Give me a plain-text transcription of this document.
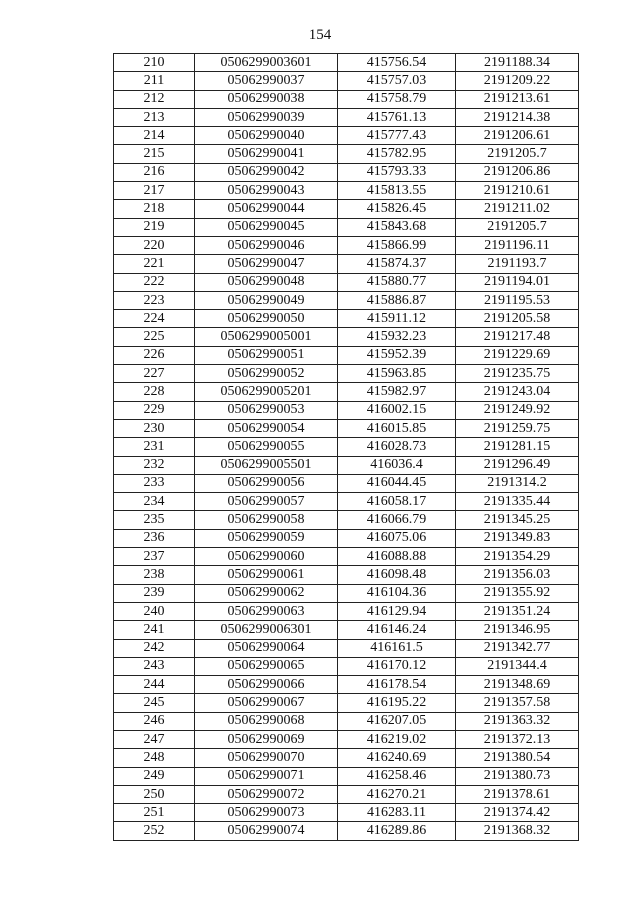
154
210	0506299003601	415756.54	2191188.34
211	05062990037	415757.03	2191209.22
212	05062990038	415758.79	2191213.61
213	05062990039	415761.13	2191214.38
214	05062990040	415777.43	2191206.61
215	05062990041	415782.95	2191205.7
216	05062990042	415793.33	2191206.86
217	05062990043	415813.55	2191210.61
218	05062990044	415826.45	2191211.02
219	05062990045	415843.68	2191205.7
220	05062990046	415866.99	2191196.11
221	05062990047	415874.37	2191193.7
222	05062990048	415880.77	2191194.01
223	05062990049	415886.87	2191195.53
224	05062990050	415911.12	2191205.58
225	0506299005001	415932.23	2191217.48
226	05062990051	415952.39	2191229.69
227	05062990052	415963.85	2191235.75
228	0506299005201	415982.97	2191243.04
229	05062990053	416002.15	2191249.92
230	05062990054	416015.85	2191259.75
231	05062990055	416028.73	2191281.15
232	0506299005501	416036.4	2191296.49
233	05062990056	416044.45	2191314.2
234	05062990057	416058.17	2191335.44
235	05062990058	416066.79	2191345.25
236	05062990059	416075.06	2191349.83
237	05062990060	416088.88	2191354.29
238	05062990061	416098.48	2191356.03
239	05062990062	416104.36	2191355.92
240	05062990063	416129.94	2191351.24
241	0506299006301	416146.24	2191346.95
242	05062990064	416161.5	2191342.77
243	05062990065	416170.12	2191344.4
244	05062990066	416178.54	2191348.69
245	05062990067	416195.22	2191357.58
246	05062990068	416207.05	2191363.32
247	05062990069	416219.02	2191372.13
248	05062990070	416240.69	2191380.54
249	05062990071	416258.46	2191380.73
250	05062990072	416270.21	2191378.61
251	05062990073	416283.11	2191374.42
252	05062990074	416289.86	2191368.32
